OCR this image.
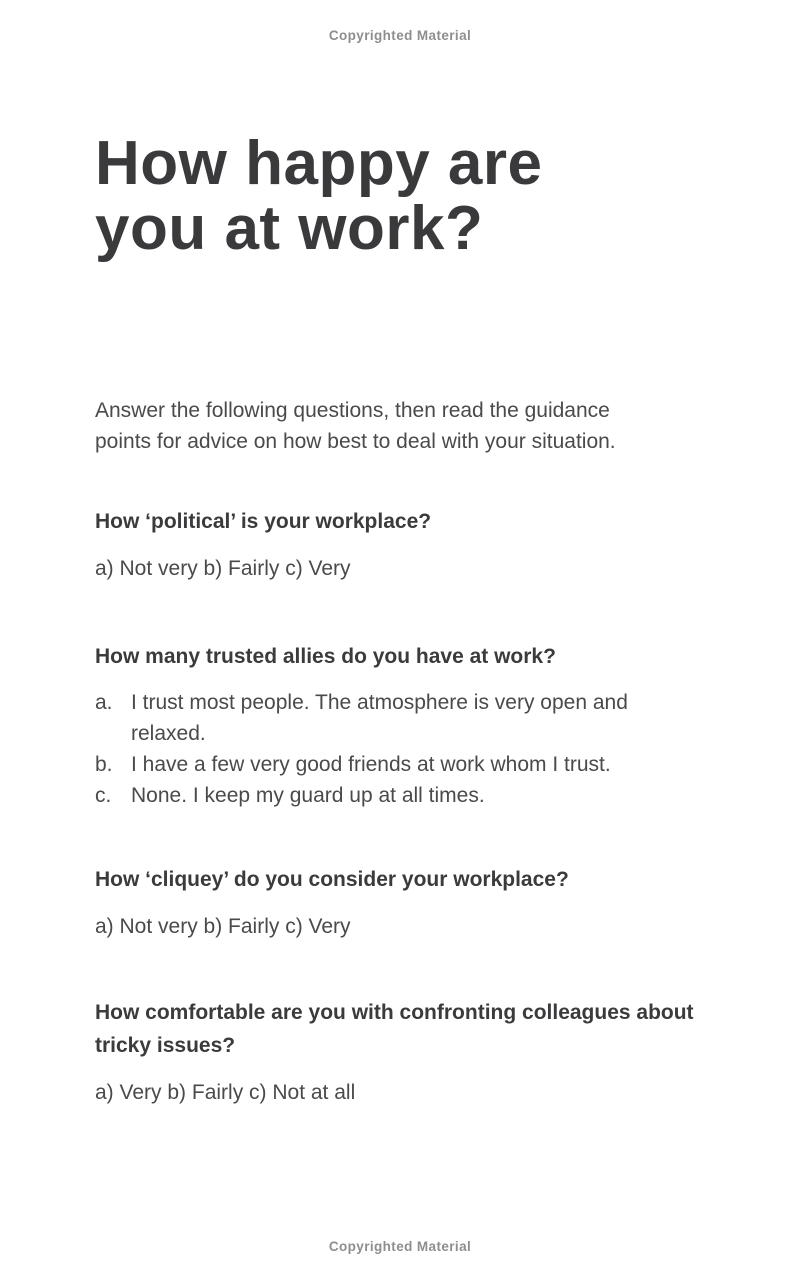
Copyrighted Material
How happy are
you at work?

Answer the following questions, then read the guidance points for advice on how best to deal with your situation.

How ‘political’ is your workplace?
a) Not very b) Fairly c) Very
How many trusted allies do you have at work?
a. I trust most people. The atmosphere is very open and relaxed.
b. I have a few very good friends at work whom I trust.
c. None. I keep my guard up at all times.
How ‘cliquey’ do you consider your workplace?
a) Not very b) Fairly c) Very
How comfortable are you with confronting colleagues about tricky issues?
a) Very b) Fairly c) Not at all
Copyrighted Material
